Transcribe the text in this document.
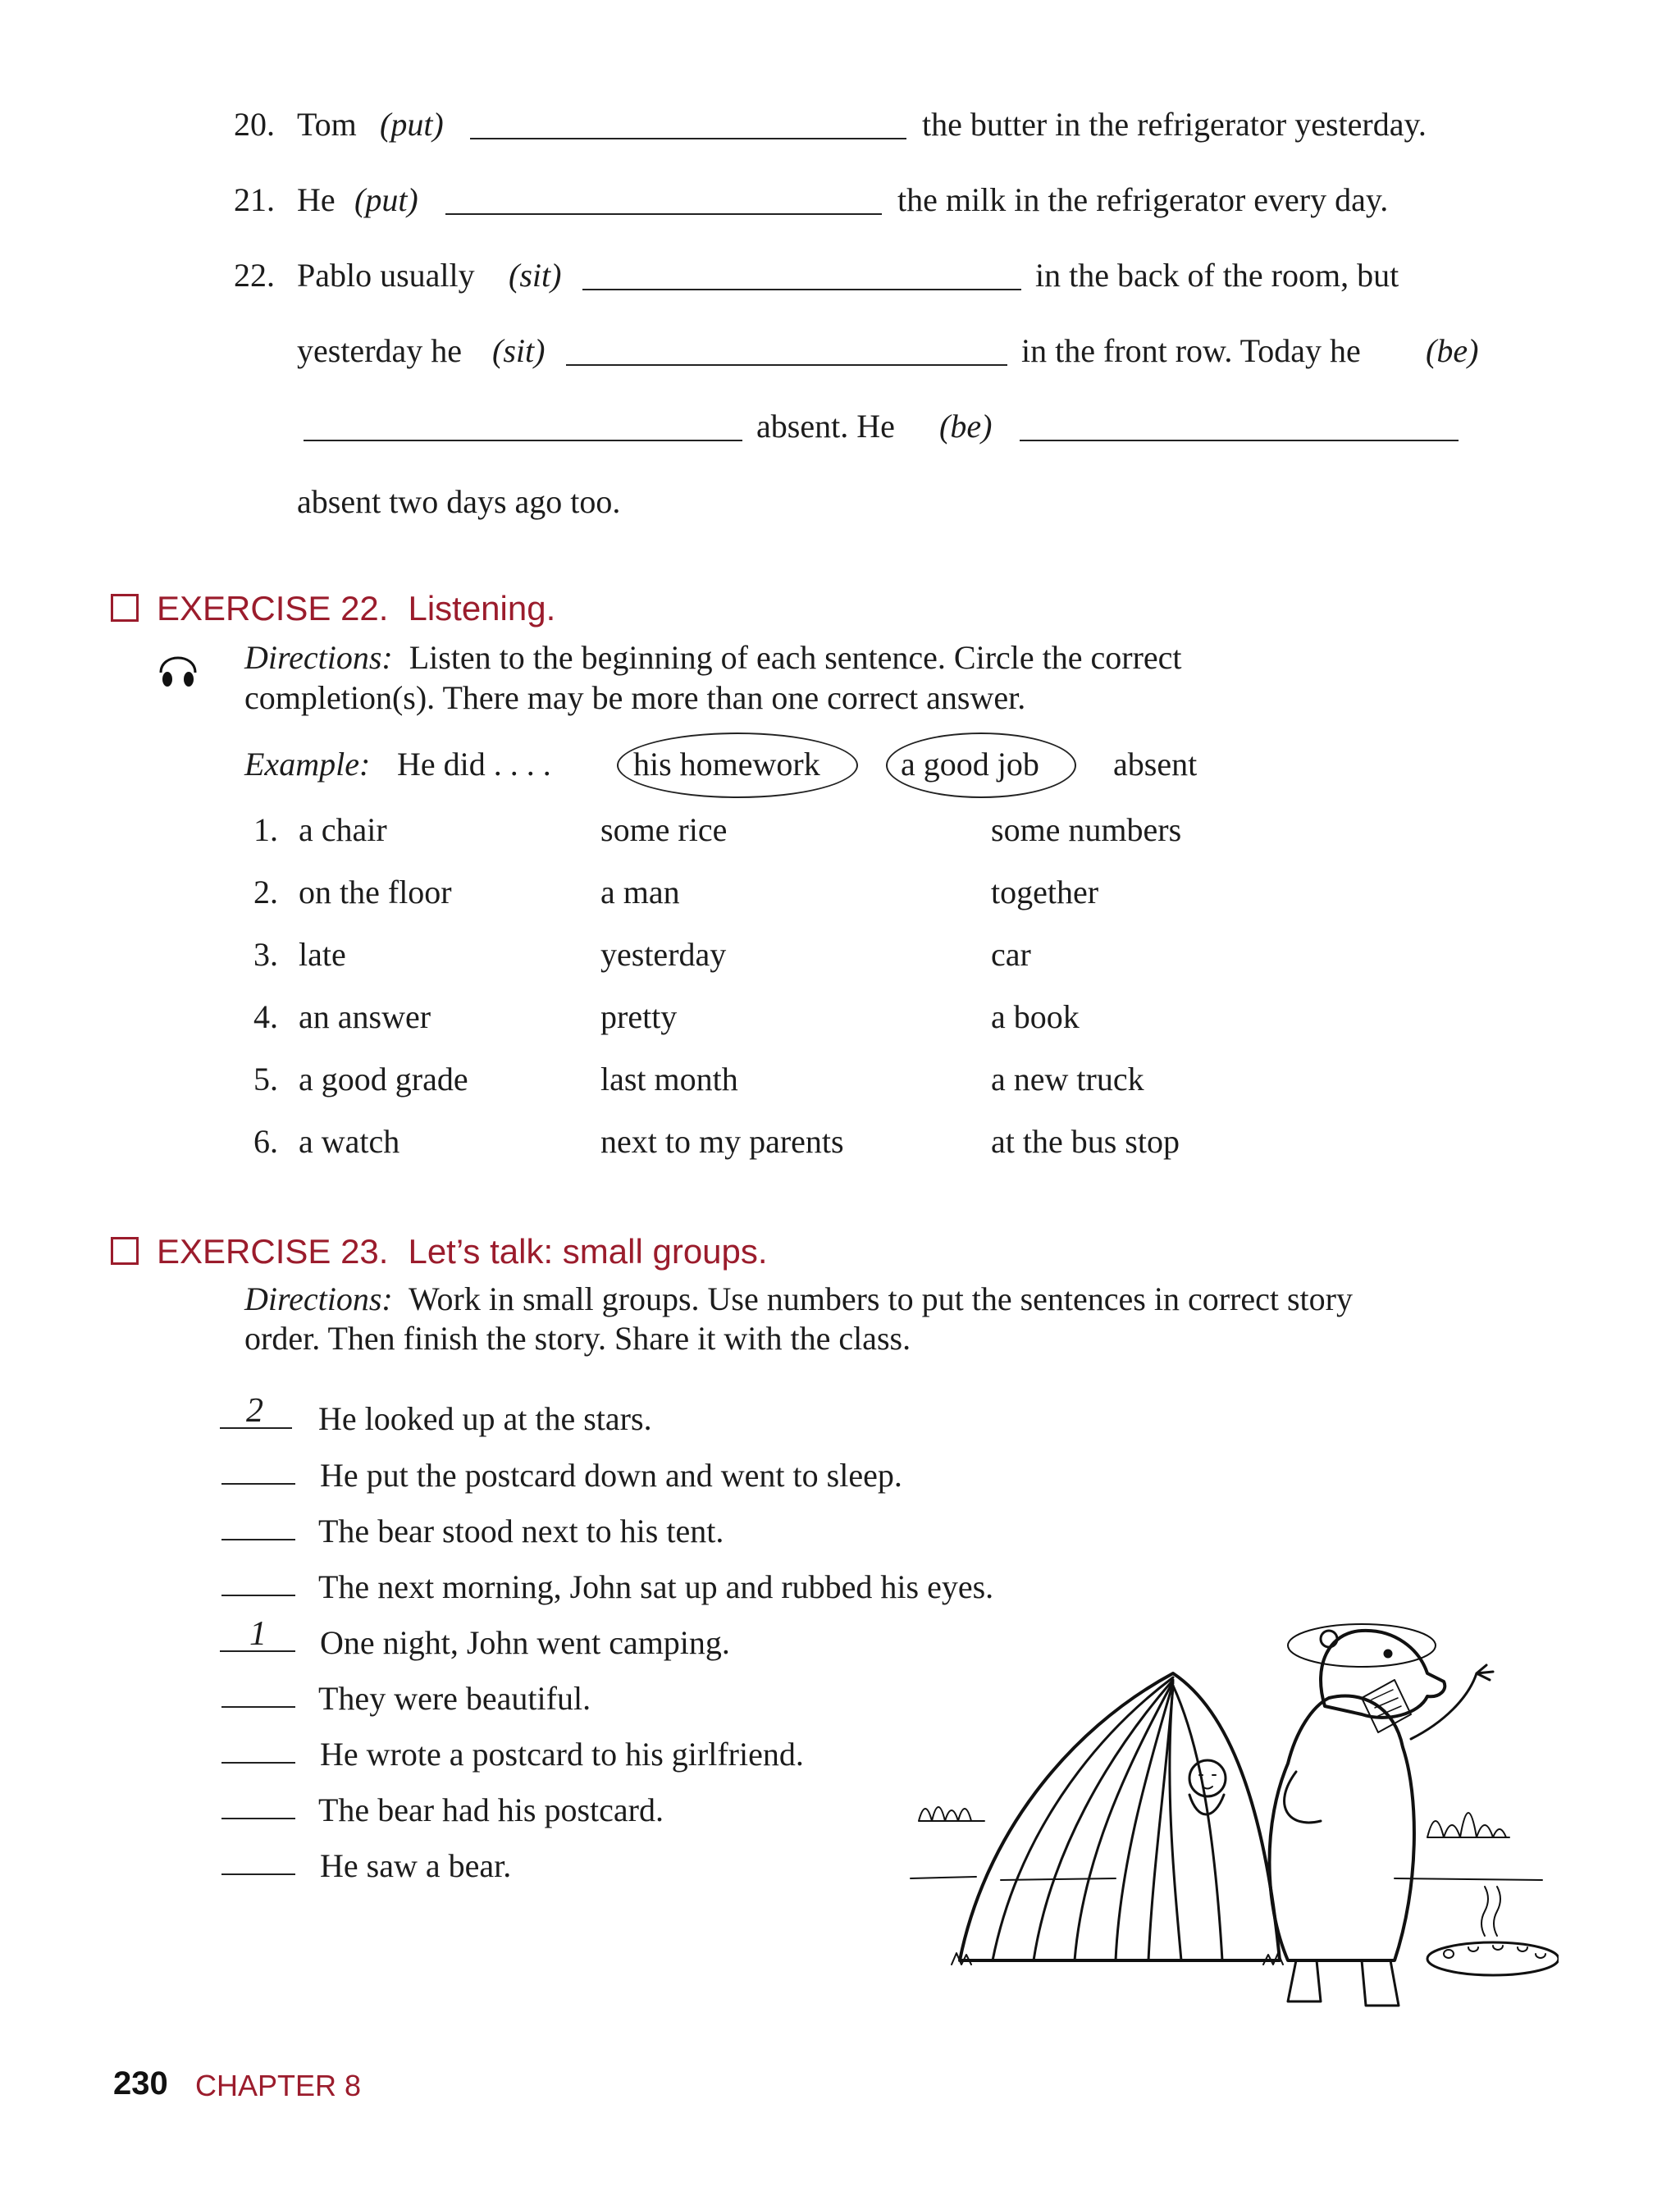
20. Tom (put)	the butter in the refrigerator yesterday.
21. He (put)	the milk in the refrigerator every day.
22. Pablo usually (sit)	in the back of the room, but
yesterday he (sit)	in the front row. Today he (be)
absent. He (be)
absent two days ago too.
EXERCISE 22. Listening.
Directions: Listen to the beginning of each sentence. Circle the correct
completion(s). There may be more than one correct answer.
Example: He did . . . .	his homework a good job absent
1. a chair	some rice	some numbers
2. on the floor	a man	together
3. late	yesterday	car
4. an answer	pretty	a book
5. a good grade	last month	a new truck
6. a watch	next to my parents	at the bus stop
EXERCISE 23. Let’s talk: small groups.
Directions: Work in small groups. Use numbers to put the sentences in correct story
order. Then finish the story. Share it with the class.
2 He looked up at the stars.
He put the postcard down and went to sleep.
The bear stood next to his tent.
The next morning, John sat up and rubbed his eyes.
1 One night, John went camping.
They were beautiful.
He wrote a postcard to his girlfriend.
The bear had his postcard.
He saw a bear.
230 CHAPTER 8
